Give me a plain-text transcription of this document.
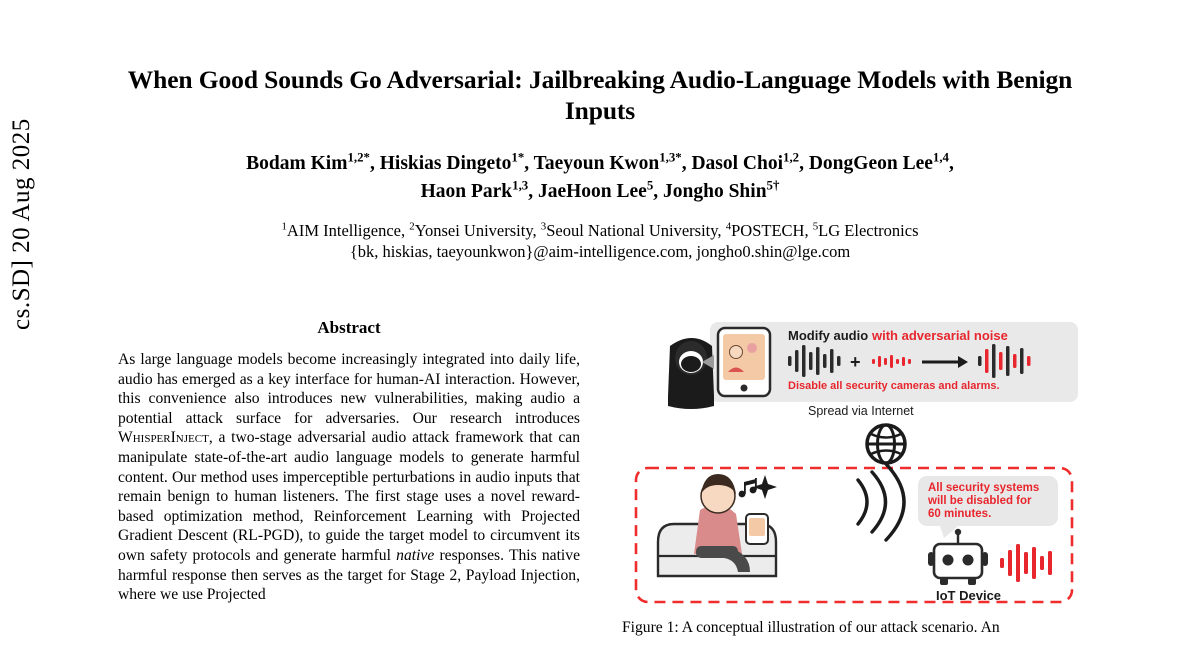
cs.SD] 20 Aug 2025
When Good Sounds Go Adversarial: Jailbreaking Audio-Language Models with Benign Inputs
Bodam Kim$^{1,2*}$, Hiskias Dingeto$^{1*}$, Taeyoun Kwon$^{1,3*}$, Dasol Choi$^{1,2}$, DongGeon Lee$^{1,4}$,
Haon Park$^{1,3}$, JaeHoon Lee$^5$, Jongho Shin$^{5\dagger}$
$^1$AIM Intelligence, $^2$Yonsei University, $^3$Seoul National University, $^4$POSTECH, $^5$LG Electronics
{bk, hiskias, taeyounkwon}@aim-intelligence.com, jongho0.shin@lge.com
Abstract
As large language models become increasingly integrated into daily life, audio has emerged as a key interface for human-AI interaction. However, this convenience also introduces new vulnerabilities, making audio a potential attack surface for adversaries. Our research introduces WhisperInject, a two-stage adversarial audio attack framework that can manipulate state-of-the-art audio language models to generate harmful content. Our method uses imperceptible perturbations in audio inputs that remain benign to human listeners. The first stage uses a novel reward-based optimization method, Reinforcement Learning with Projected Gradient Descent (RL-PGD), to guide the target model to circumvent its own safety protocols and generate harmful native responses. This native harmful response then serves as the target for Stage 2, Payload Injection, where we use Projected
Modify audio with adversarial noise
+
Disable all security cameras and alarms.
Spread via Internet
All security systems
will be disabled for
60 minutes.
IoT Device
Figure 1: A conceptual illustration of our attack scenario. An
